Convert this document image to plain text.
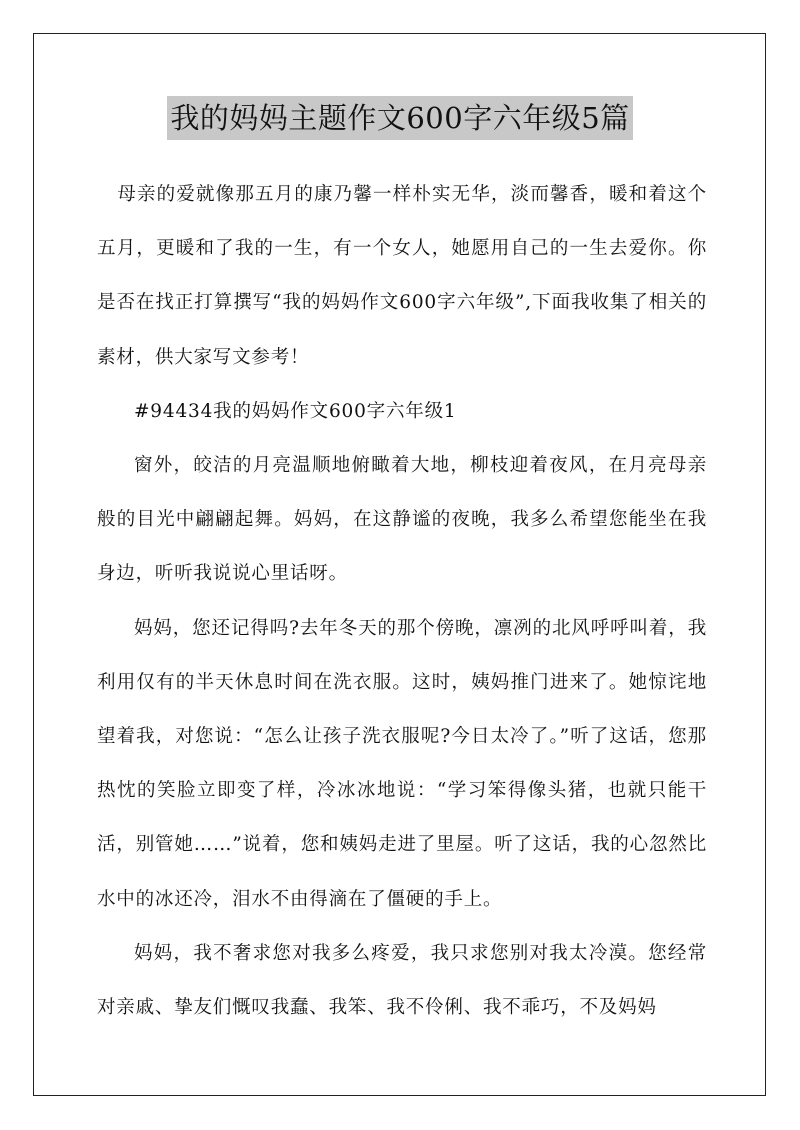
我的妈妈主题作文600字六年级5篇

母亲的爱就像那五月的康乃馨一样朴实无华，淡而馨香，暖和着这个五月，更暖和了我的一生，有一个女人，她愿用自己的一生去爱你。你是否在找正打算撰写“我的妈妈作文600字六年级”,下面我收集了相关的素材，供大家写文参考！

#94434我的妈妈作文600字六年级1

窗外，皎洁的月亮温顺地俯瞰着大地，柳枝迎着夜风，在月亮母亲般的目光中翩翩起舞。妈妈，在这静谧的夜晚，我多么希望您能坐在我身边，听听我说说心里话呀。

妈妈，您还记得吗?去年冬天的那个傍晚，凛冽的北风呼呼叫着，我利用仅有的半天休息时间在洗衣服。这时，姨妈推门进来了。她惊诧地望着我，对您说：“怎么让孩子洗衣服呢?今日太冷了。”听了这话，您那热忱的笑脸立即变了样，冷冰冰地说：“学习笨得像头猪，也就只能干活，别管她……”说着，您和姨妈走进了里屋。听了这话，我的心忽然比水中的冰还冷，泪水不由得滴在了僵硬的手上。

妈妈，我不奢求您对我多么疼爱，我只求您别对我太冷漠。您经常对亲戚、挚友们慨叹我蠢、我笨、我不伶俐、我不乖巧，不及妈妈
